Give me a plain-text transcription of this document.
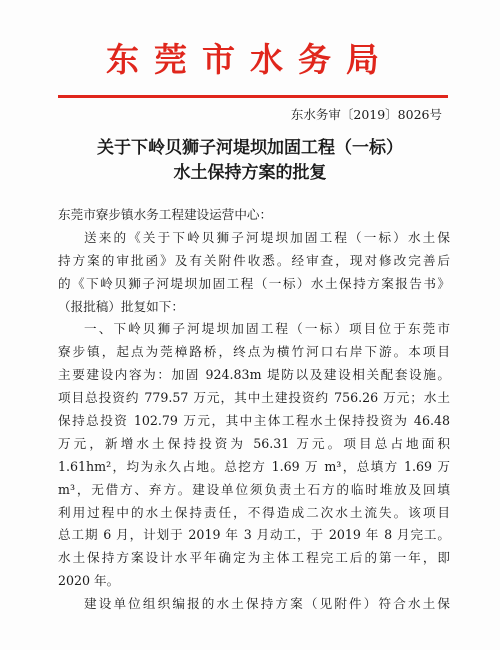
东莞市水务局
东水务审〔2019〕8026号
关于下岭贝狮子河堤坝加固工程（一标）
水土保持方案的批复
东莞市寮步镇水务工程建设运营中心：

送来的《关于下岭贝狮子河堤坝加固工程（一标）水土保
持方案的审批函》及有关附件收悉。经审查，现对修改完善后
的《下岭贝狮子河堤坝加固工程（一标）水土保持方案报告书》
（报批稿）批复如下：

一、下岭贝狮子河堤坝加固工程（一标）项目位于东莞市
寮步镇，起点为莞樟路桥，终点为横竹河口右岸下游。本项目
主要建设内容为：加固 924.83m 堤防以及建设相关配套设施。
项目总投资约 779.57 万元，其中土建投资约 756.26 万元；水土
保持总投资 102.79 万元，其中主体工程水土保持投资为 46.48
万元，新增水土保持投资为 56.31 万元。项目总占地面积
1.61hm²，均为永久占地。总挖方 1.69 万 m³，总填方 1.69 万
m³，无借方、弃方。建设单位须负责土石方的临时堆放及回填
利用过程中的水土保持责任，不得造成二次水土流失。该项目
总工期 6 月，计划于 2019 年 3 月动工，于 2019 年 8 月完工。
水土保持方案设计水平年确定为主体工程完工后的第一年，即
2020 年。

建设单位组织编报的水土保持方案（见附件）符合水土保
